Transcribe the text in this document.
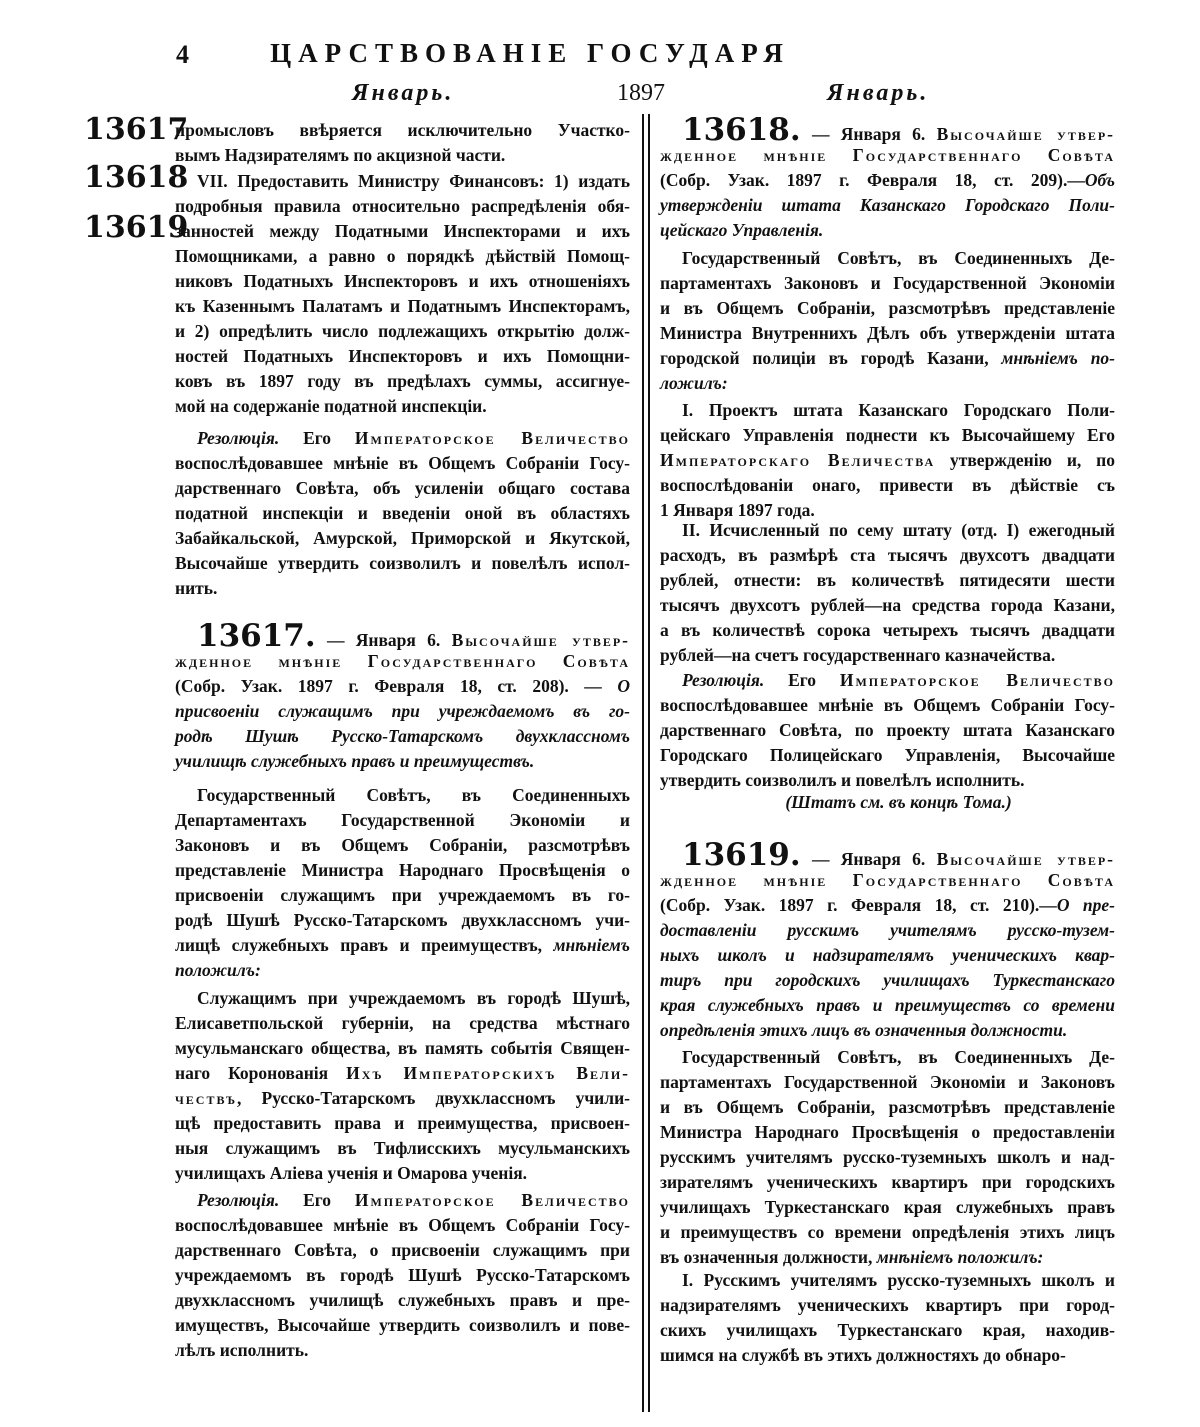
4	ЦАРСТВОВАНІЕ ГОСУДАРЯ
Январь.	1897	Январь.
13617
13618
13619
промысловъ ввѣряется исключительно Участко-
вымъ Надзирателямъ по акцизной части.
VII. Предоставить Министру Финансовъ: 1) издать
подробныя правила относительно распредѣленія обя-
занностей между Податными Инспекторами и ихъ
Помощниками, а равно о порядкѣ дѣйствій Помощ-
никовъ Податныхъ Инспекторовъ и ихъ отношеніяхъ
къ Казеннымъ Палатамъ и Податнымъ Инспекторамъ,
и 2) опредѣлить число подлежащихъ открытію долж-
ностей Податныхъ Инспекторовъ и ихъ Помощни-
ковъ въ 1897 году въ предѣлахъ суммы, ассигнуе-
мой на содержаніе податной инспекціи.
Резолюція. Его Императорское Величество
воспослѣдовавшее мнѣніе въ Общемъ Собраніи Госу-
дарственнаго Совѣта, объ усиленіи общаго состава
податной инспекціи и введеніи оной въ областяхъ
Забайкальской, Амурской, Приморской и Якутской,
Высочайше утвердить соизволилъ и повелѣлъ испол-
нить.
13617. — Января 6. Высочайше утвер-
жденное мнѣніе Государственнаго Совѣта
(Собр. Узак. 1897 г. Февраля 18, ст. 208). — О
присвоеніи служащимъ при учреждаемомъ въ го-
родѣ Шушѣ Русско-Татарскомъ двухклассномъ
училищѣ служебныхъ правъ и преимуществъ.
Государственный Совѣтъ, въ Соединенныхъ
Департаментахъ Государственной Экономіи и
Законовъ и въ Общемъ Собраніи, разсмотрѣвъ
представленіе Министра Народнаго Просвѣщенія о
присвоеніи служащимъ при учреждаемомъ въ го-
родѣ Шушѣ Русско-Татарскомъ двухклассномъ учи-
лищѣ служебныхъ правъ и преимуществъ, мнѣніемъ
положилъ:
Служащимъ при учреждаемомъ въ городѣ Шушѣ,
Елисаветпольской губерніи, на средства мѣстнаго
мусульманскаго общества, въ память событія Священ-
наго Коронованія Ихъ Императорскихъ Вели-
чествъ, Русско-Татарскомъ двухклассномъ учили-
щѣ предоставить права и преимущества, присвоен-
ныя служащимъ въ Тифлисскихъ мусульманскихъ
училищахъ Аліева ученія и Омарова ученія.
Резолюція. Его Императорское Величество
воспослѣдовавшее мнѣніе въ Общемъ Собраніи Госу-
дарственнаго Совѣта, о присвоеніи служащимъ при
учреждаемомъ въ городѣ Шушѣ Русско-Татарскомъ
двухклассномъ училищѣ служебныхъ правъ и пре-
имуществъ, Высочайше утвердить соизволилъ и пове-
лѣлъ исполнить.
13618. — Января 6. Высочайше утвер-
жденное мнѣніе Государственнаго Совѣта
(Собр. Узак. 1897 г. Февраля 18, ст. 209).—Объ
утвержденіи штата Казанскаго Городскаго Поли-
цейскаго Управленія.
Государственный Совѣтъ, въ Соединенныхъ Де-
партаментахъ Законовъ и Государственной Экономіи
и въ Общемъ Собраніи, разсмотрѣвъ представленіе
Министра Внутреннихъ Дѣлъ объ утвержденіи штата
городской полиціи въ городѣ Казани, мнѣніемъ по-
ложилъ:
I. Проектъ штата Казанскаго Городскаго Поли-
цейскаго Управленія поднести къ Высочайшему Его
Императорскаго Величества утвержденію и, по
воспослѣдованіи онаго, привести въ дѣйствіе съ
1 Января 1897 года.
II. Исчисленный по сему штату (отд. I) ежегодный
расходъ, въ размѣрѣ ста тысячъ двухсотъ двадцати
рублей, отнести: въ количествѣ пятидесяти шести
тысячъ двухсотъ рублей—на средства города Казани,
а въ количествѣ сорока четырехъ тысячъ двадцати
рублей—на счетъ государственнаго казначейства.
Резолюція. Его Императорское Величество
воспослѣдовавшее мнѣніе въ Общемъ Собраніи Госу-
дарственнаго Совѣта, по проекту штата Казанскаго
Городскаго Полицейскаго Управленія, Высочайше
утвердить соизволилъ и повелѣлъ исполнить.
(Штатъ см. въ концѣ Тома.)
13619. — Января 6. Высочайше утвер-
жденное мнѣніе Государственнаго Совѣта
(Собр. Узак. 1897 г. Февраля 18, ст. 210).—О пре-
доставленіи русскимъ учителямъ русско-тузем-
ныхъ школъ и надзирателямъ ученическихъ квар-
тиръ при городскихъ училищахъ Туркестанскаго
края служебныхъ правъ и преимуществъ со времени
опредѣленія этихъ лицъ въ означенныя должности.
Государственный Совѣтъ, въ Соединенныхъ Де-
партаментахъ Государственной Экономіи и Законовъ
и въ Общемъ Собраніи, разсмотрѣвъ представленіе
Министра Народнаго Просвѣщенія о предоставленіи
русскимъ учителямъ русско-туземныхъ школъ и над-
зирателямъ ученическихъ квартиръ при городскихъ
училищахъ Туркестанскаго края служебныхъ правъ
и преимуществъ со времени опредѣленія этихъ лицъ
въ означенныя должности, мнѣніемъ положилъ:
I. Русскимъ учителямъ русско-туземныхъ школъ и
надзирателямъ ученическихъ квартиръ при город-
скихъ училищахъ Туркестанскаго края, находив-
шимся на службѣ въ этихъ должностяхъ до обнаро-
